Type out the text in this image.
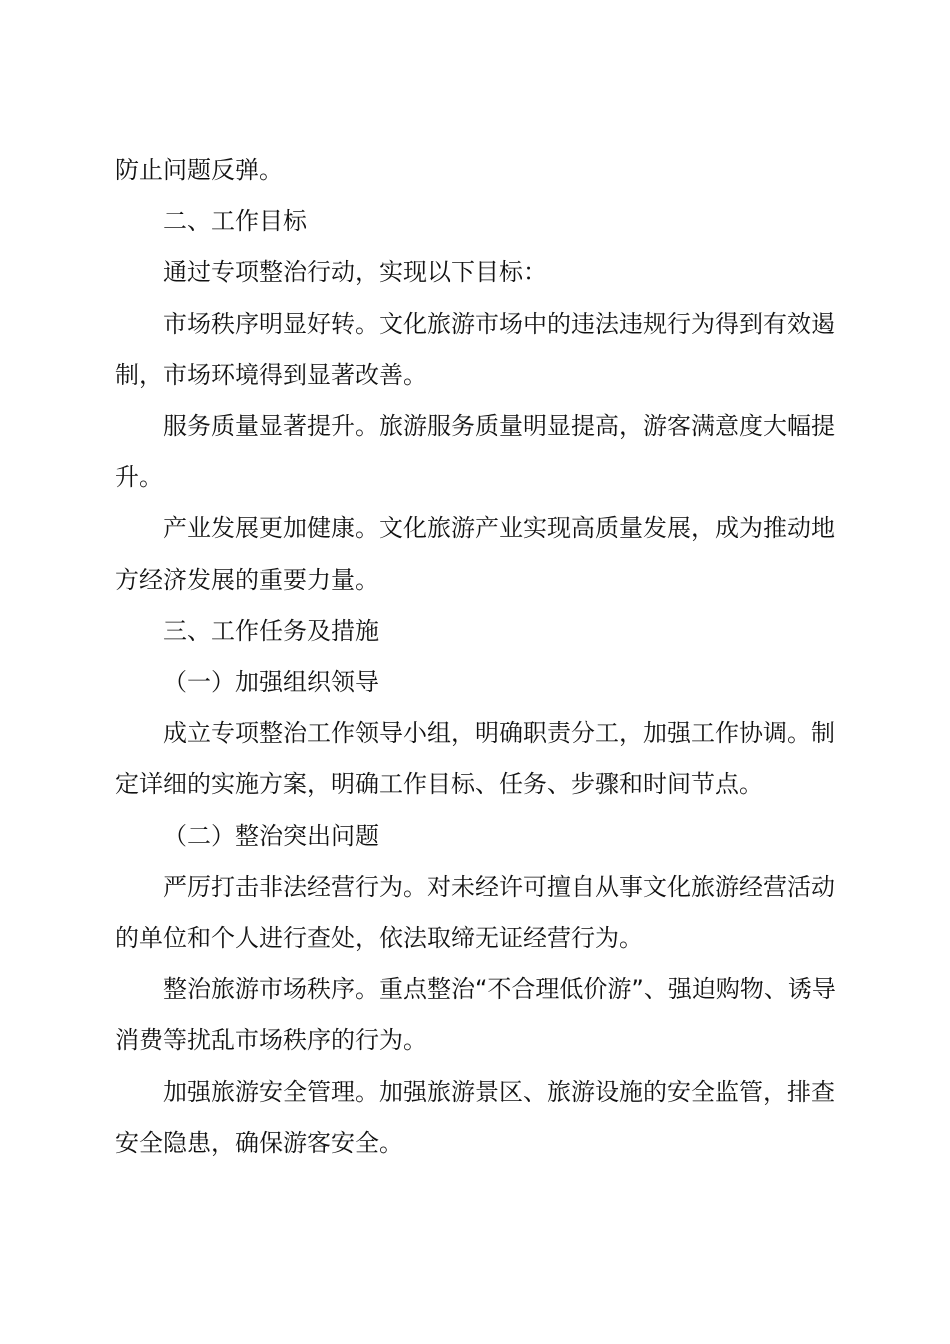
防止问题反弹。

二、工作目标

通过专项整治行动，实现以下目标：

市场秩序明显好转。文化旅游市场中的违法违规行为得到有效遏制，市场环境得到显著改善。

服务质量显著提升。旅游服务质量明显提高，游客满意度大幅提升。

产业发展更加健康。文化旅游产业实现高质量发展，成为推动地方经济发展的重要力量。

三、工作任务及措施

（一）加强组织领导

成立专项整治工作领导小组，明确职责分工，加强工作协调。制定详细的实施方案，明确工作目标、任务、步骤和时间节点。

（二）整治突出问题

严厉打击非法经营行为。对未经许可擅自从事文化旅游经营活动的单位和个人进行查处，依法取缔无证经营行为。

整治旅游市场秩序。重点整治“不合理低价游”、强迫购物、诱导消费等扰乱市场秩序的行为。

加强旅游安全管理。加强旅游景区、旅游设施的安全监管，排查安全隐患，确保游客安全。
